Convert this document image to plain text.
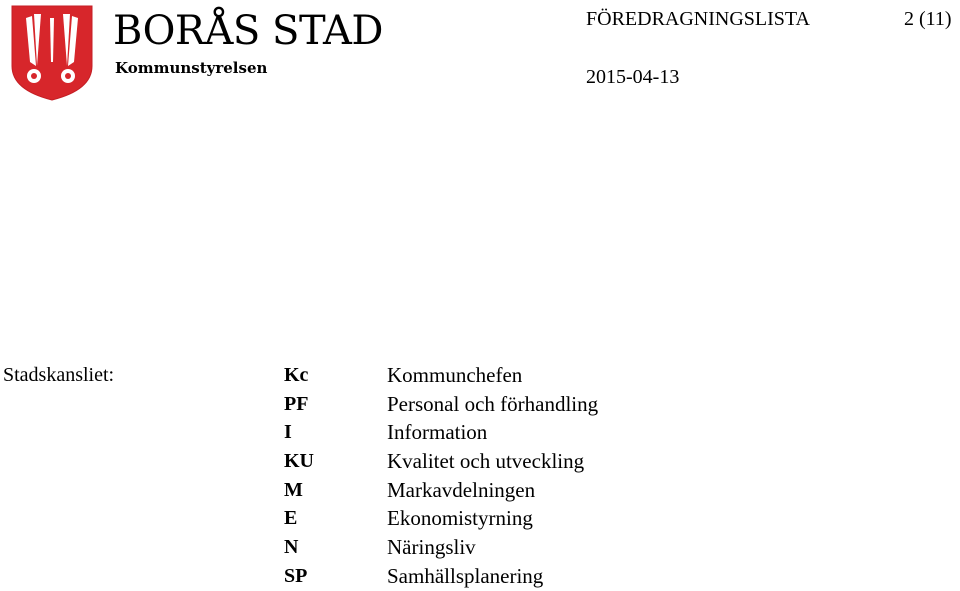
BORÅS STAD
Kommunstyrelsen
FÖREDRAGNINGSLISTA	2 (11)
2015-04-13
Stadskansliet:	Kc	Kommunchefen
PF	Personal och förhandling
I	Information
KU	Kvalitet och utveckling
M	Markavdelningen
E	Ekonomistyrning
N	Näringsliv
SP	Samhällsplanering
